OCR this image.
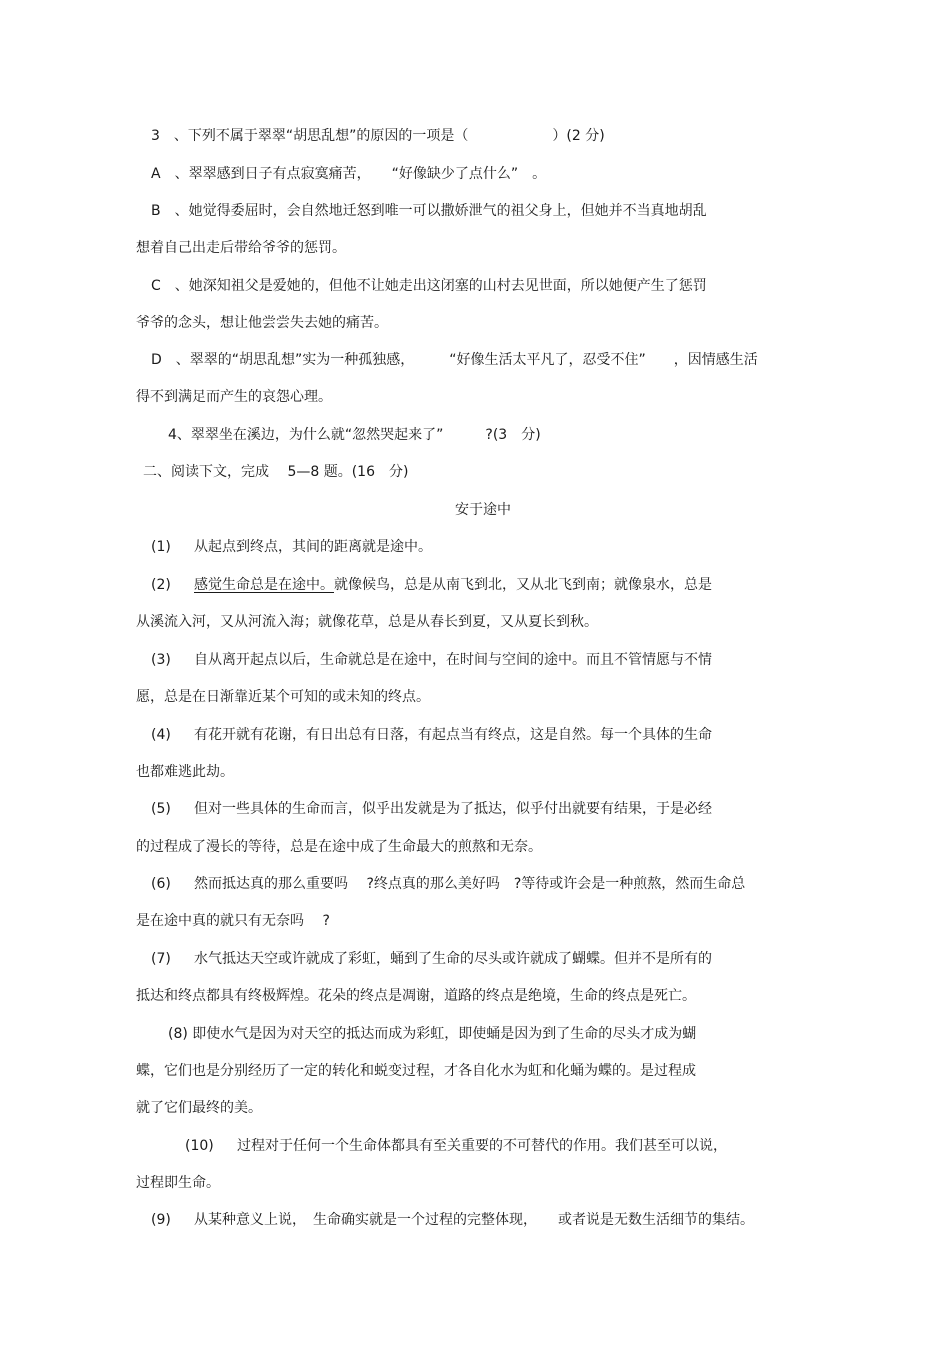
3　、下列不属于翠翠“胡思乱想”的原因的一项是（　　　　　　）(2 分)
A　、翠翠感到日子有点寂寞痛苦，　　“好像缺少了点什么”　。
B　、她觉得委屈时，会自然地迁怒到唯一可以撒娇泄气的祖父身上，但她并不当真地胡乱
想着自己出走后带给爷爷的惩罚。
C　、她深知祖父是爱她的，但他不让她走出这闭塞的山村去见世面，所以她便产生了惩罚
爷爷的念头，想让他尝尝失去她的痛苦。
D　、翠翠的“胡思乱想”实为一种孤独感，　　　“好像生活太平凡了，忍受不住”　　，因情感生活
得不到满足而产生的哀怨心理。
4、翠翠坐在溪边，为什么就“忽然哭起来了”　　　?(3　分)
二、阅读下文，完成　 5—8 题。(16　分)
安于途中
(1) 从起点到终点，其间的距离就是途中。
(2) 感觉生命总是在途中。就像候鸟，总是从南飞到北，又从北飞到南；就像泉水，总是
从溪流入河，又从河流入海；就像花草，总是从春长到夏，又从夏长到秋。
(3) 自从离开起点以后，生命就总是在途中，在时间与空间的途中。而且不管情愿与不情
愿，总是在日渐靠近某个可知的或未知的终点。
(4) 有花开就有花谢，有日出总有日落，有起点当有终点，这是自然。每一个具体的生命
也都难逃此劫。
(5) 但对一些具体的生命而言，似乎出发就是为了抵达，似乎付出就要有结果，于是必经
的过程成了漫长的等待，总是在途中成了生命最大的煎熬和无奈。
(6) 然而抵达真的那么重要吗　 ?终点真的那么美好吗　?等待或许会是一种煎熬，然而生命总
是在途中真的就只有无奈吗　 ?
(7) 水气抵达天空或许就成了彩虹，蛹到了生命的尽头或许就成了蝴蝶。但并不是所有的
抵达和终点都具有终极辉煌。花朵的终点是凋谢，道路的终点是绝境，生命的终点是死亡。
(8) 即使水气是因为对天空的抵达而成为彩虹，即使蛹是因为到了生命的尽头才成为蝴
蝶，它们也是分别经历了一定的转化和蜕变过程，才各自化水为虹和化蛹为蝶的。是过程成
就了它们最终的美。
(10) 过程对于任何一个生命体都具有至关重要的不可替代的作用。我们甚至可以说，
过程即生命。
(9) 从某种意义上说，　生命确实就是一个过程的完整体现，　　或者说是无数生活细节的集结。
